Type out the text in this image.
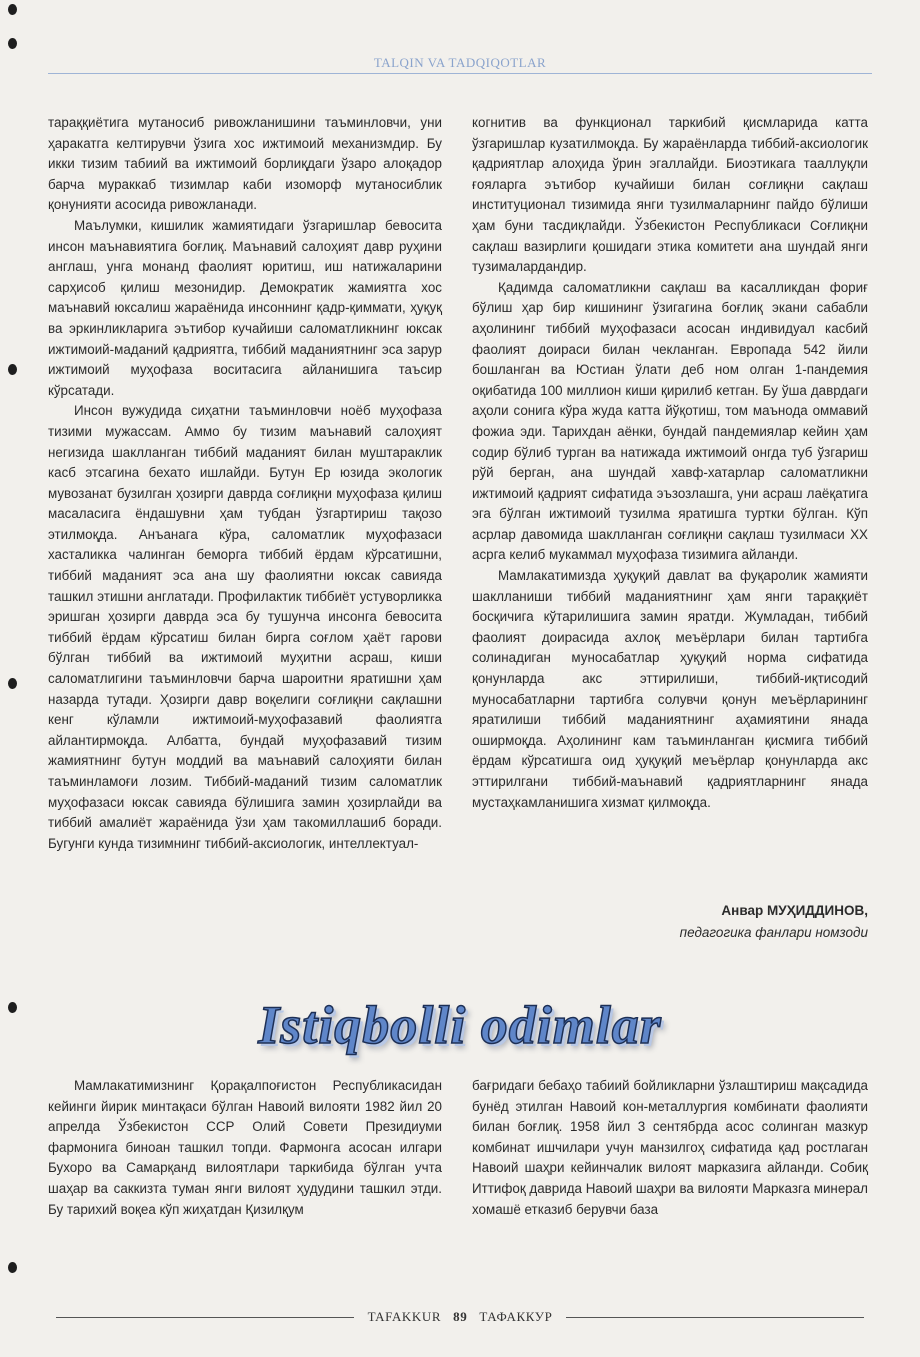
TALQIN VA TADQIQOTLAR

тараққиётига мутаносиб ривожланишини таъминловчи, уни ҳаракатга келтирувчи ўзига хос ижтимоий механизмдир. Бу икки тизим табиий ва ижтимоий борлиқдаги ўзаро алоқадор барча мураккаб тизимлар каби изоморф мутаносиблик қонунияти асосида ривожланади.

Маълумки, кишилик жамиятидаги ўзгаришлар бевосита инсон маънавиятига боғлиқ. Маънавий салоҳият давр руҳини англаш, унга монанд фаолият юритиш, иш натижаларини сарҳисоб қилиш мезонидир. Демократик жамиятга хос маънавий юксалиш жараёнида инсоннинг қадр-қиммати, ҳуқуқ ва эркинликларига эътибор кучайиши саломатликнинг юксак ижтимоий-маданий қадриятга, тиббий маданиятнинг эса зарур ижтимоий муҳофаза воситасига айланишига таъсир кўрсатади.

Инсон вужудида сиҳатни таъминловчи ноёб муҳофаза тизими мужассам. Аммо бу тизим маънавий салоҳият негизида шаклланган тиббий маданият билан муштараклик касб этсагина бехато ишлайди. Бутун Ер юзида экологик мувозанат бузилган ҳозирги даврда соғлиқни муҳофаза қилиш масаласига ёндашувни ҳам тубдан ўзгартириш тақозо этилмоқда. Анъанага кўра, саломатлик муҳофазаси хасталикка чалинган беморга тиббий ёрдам кўрсатишни, тиббий маданият эса ана шу фаолиятни юксак савияда ташкил этишни англатади. Профилактик тиббиёт устуворликка эришган ҳозирги даврда эса бу тушунча инсонга бевосита тиббий ёрдам кўрсатиш билан бирга соғлом ҳаёт гарови бўлган тиббий ва ижтимоий муҳитни асраш, киши саломатлигини таъминловчи барча шароитни яратишни ҳам назарда тутади. Ҳозирги давр воқелиги соғлиқни сақлашни кенг кўламли ижтимоий-муҳофазавий фаолиятга айлантирмоқда. Албатта, бундай муҳофазавий тизим жамиятнинг бутун моддий ва маънавий салоҳияти билан таъминламоғи лозим. Тиббий-маданий тизим саломатлик муҳофазаси юксак савияда бўлишига замин ҳозирлайди ва тиббий амалиёт жараёнида ўзи ҳам такомиллашиб боради. Бугунги кунда тизимнинг тиббий-аксиологик, интеллектуал-

когнитив ва функционал таркибий қисмларида катта ўзгаришлар кузатилмоқда. Бу жараёнларда тиббий-аксиологик қадриятлар алоҳида ўрин эгаллайди. Биоэтикага тааллуқли ғояларга эътибор кучайиши билан соғлиқни сақлаш институционал тизимида янги тузилмаларнинг пайдо бўлиши ҳам буни тасдиқлайди. Ўзбекистон Республикаси Соғлиқни сақлаш вазирлиги қошидаги этика комитети ана шундай янги тузималардандир.

Қадимда саломатликни сақлаш ва касалликдан фориғ бўлиш ҳар бир кишининг ўзигагина боғлиқ экани сабабли аҳолининг тиббий муҳофазаси асосан индивидуал касбий фаолият доираси билан чекланган. Европада 542 йили бошланган ва Юстиан ўлати деб ном олган 1-пандемия оқибатида 100 миллион киши қирилиб кетган. Бу ўша даврдаги аҳоли сонига кўра жуда катта йўқотиш, том маънода оммавий фожиа эди. Тарихдан аёнки, бундай пандемиялар кейин ҳам содир бўлиб турган ва натижада ижтимоий онгда туб ўзгариш рўй берган, ана шундай хавф-хатарлар саломатликни ижтимоий қадрият сифатида эъзозлашга, уни асраш лаёқатига эга бўлган ижтимоий тузилма яратишга туртки бўлган. Кўп асрлар давомида шаклланган соғлиқни сақлаш тузилмаси XX асрга келиб мукаммал муҳофаза тизимига айланди.

Мамлакатимизда ҳуқуқий давлат ва фуқаролик жамияти шаклланиши тиббий маданиятнинг ҳам янги тараққиёт босқичига кўтарилишига замин яратди. Жумладан, тиббий фаолият доирасида ахлоқ меъёрлари билан тартибга солинадиган муносабатлар ҳуқуқий норма сифатида қонунларда акс эттирилиши, тиббий-иқтисодий муносабатларни тартибга солувчи қонун меъёрларининг яратилиши тиббий маданиятнинг аҳамиятини янада оширмоқда. Аҳолининг кам таъминланган қисмига тиббий ёрдам кўрсатишга оид ҳуқуқий меъёрлар қонунларда акс эттирилгани тиббий-маънавий қадриятларнинг янада мустаҳкамланишига хизмат қилмоқда.

Анвар МУҲИДДИНОВ,
педагогика фанлари номзоди
Istiqbolli odimlar

Мамлакатимизнинг Қорақалпоғистон Республикасидан кейинги йирик минтақаси бўлган Навоий вилояти 1982 йил 20 апрелда Ўзбекистон ССР Олий Совети Президиуми фармонига биноан ташкил топди. Фармонга асосан илгари Бухоро ва Самарқанд вилоятлари таркибида бўлган учта шаҳар ва саккизта туман янги вилоят ҳудудини ташкил этди. Бу тарихий воқеа кўп жиҳатдан Қизилқум

бағридаги бебаҳо табиий бойликларни ўзлаштириш мақсадида бунёд этилган Навоий кон-металлургия комбинати фаолияти билан боғлиқ. 1958 йил 3 сентябрда асос солинган мазкур комбинат ишчилари учун манзилгоҳ сифатида қад ростлаган Навоий шаҳри кейинчалик вилоят марказига айланди. Собиқ Иттифоқ даврида Навоий шаҳри ва вилояти Марказга минерал хомашё етказиб берувчи база

TAFAKKUR 89 ТАФАККУР
